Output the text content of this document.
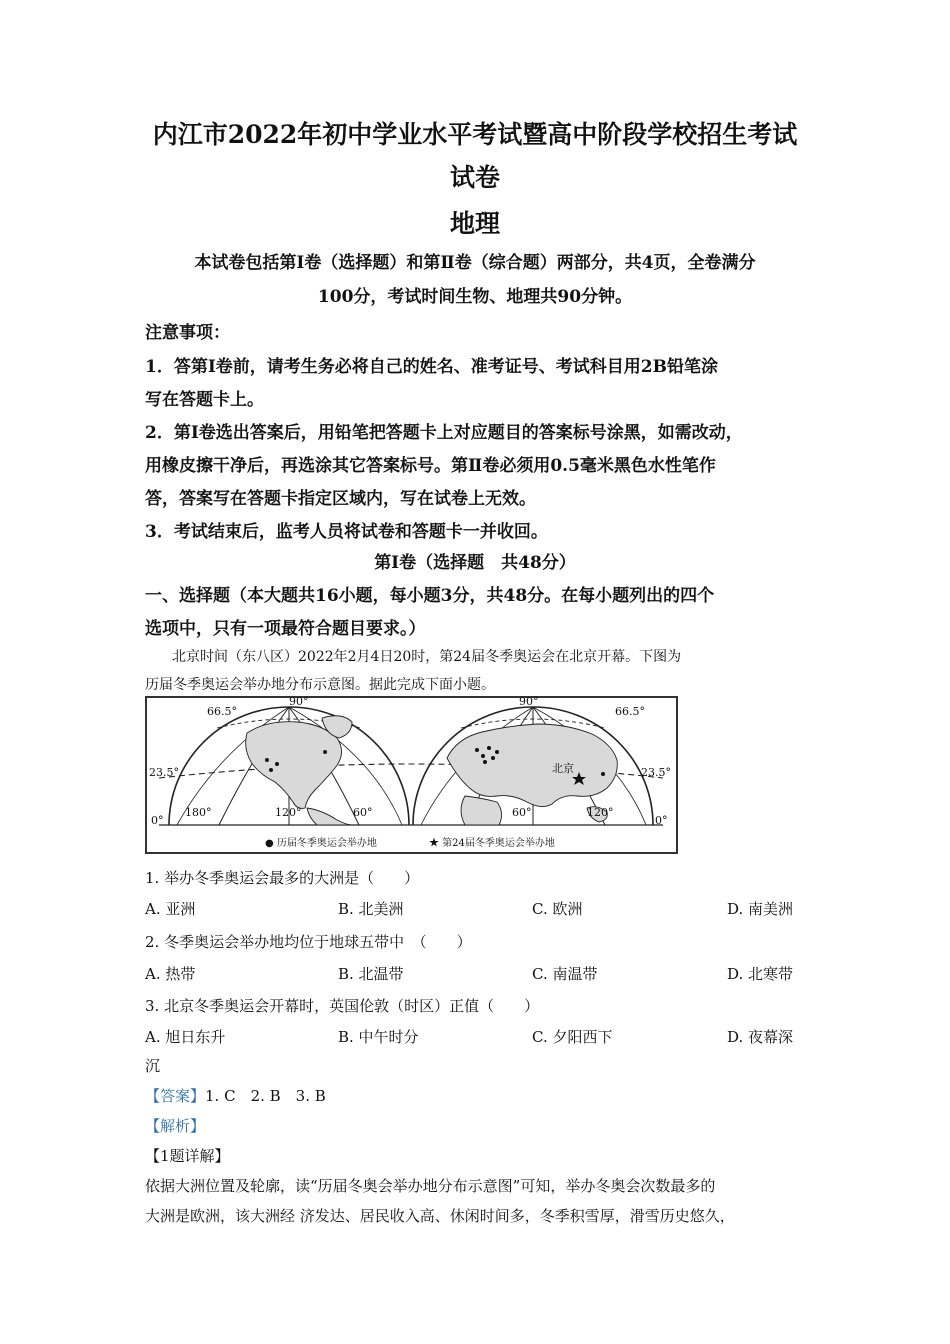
内江市2022年初中学业水平考试暨高中阶段学校招生考试
试卷
地理
本试卷包括第Ⅰ卷（选择题）和第Ⅱ卷（综合题）两部分，共4页，全卷满分
100分，考试时间生物、地理共90分钟。
注意事项：
1．答第Ⅰ卷前，请考生务必将自己的姓名、准考证号、考试科目用2B铅笔涂
写在答题卡上。
2．第Ⅰ卷选出答案后，用铅笔把答题卡上对应题目的答案标号涂黑，如需改动，
用橡皮擦干净后，再选涂其它答案标号。第Ⅱ卷必须用0.5毫米黑色水性笔作
答，答案写在答题卡指定区域内，写在试卷上无效。
3．考试结束后，监考人员将试卷和答题卡一并收回。
第Ⅰ卷（选择题　共48分）
一、选择题（本大题共16小题，每小题3分，共48分。在每小题列出的四个
选项中，只有一项最符合题目要求。）
北京时间（东八区）2022年2月4日20时，第24届冬季奥运会在北京开幕。下图为
历届冬季奥运会举办地分布示意图。据此完成下面小题。
66.5°
90°	90°
66.5°
23.5°	23.5°
0°	0°
180°	120°	60°	60°	120°
北京
● 历届冬季奥运会举办地	★ 第24届冬季奥运会举办地
1. 举办冬季奥运会最多的大洲是（　　）
A. 亚洲	B. 北美洲	C. 欧洲	D. 南美洲
2. 冬季奥运会举办地均位于地球五带中　（　　）
A. 热带	B. 北温带	C. 南温带	D. 北寒带
3. 北京冬季奥运会开幕时，英国伦敦（时区）正值（　　）
A. 旭日东升	B. 中午时分	C. 夕阳西下	D. 夜幕深
沉
【答案】1. C　2. B　3. B
【解析】
【1题详解】
依据大洲位置及轮廓，读“历届冬奥会举办地分布示意图”可知，举办冬奥会次数最多的
大洲是欧洲，该大洲经 济发达、居民收入高、休闲时间多，冬季积雪厚，滑雪历史悠久，
